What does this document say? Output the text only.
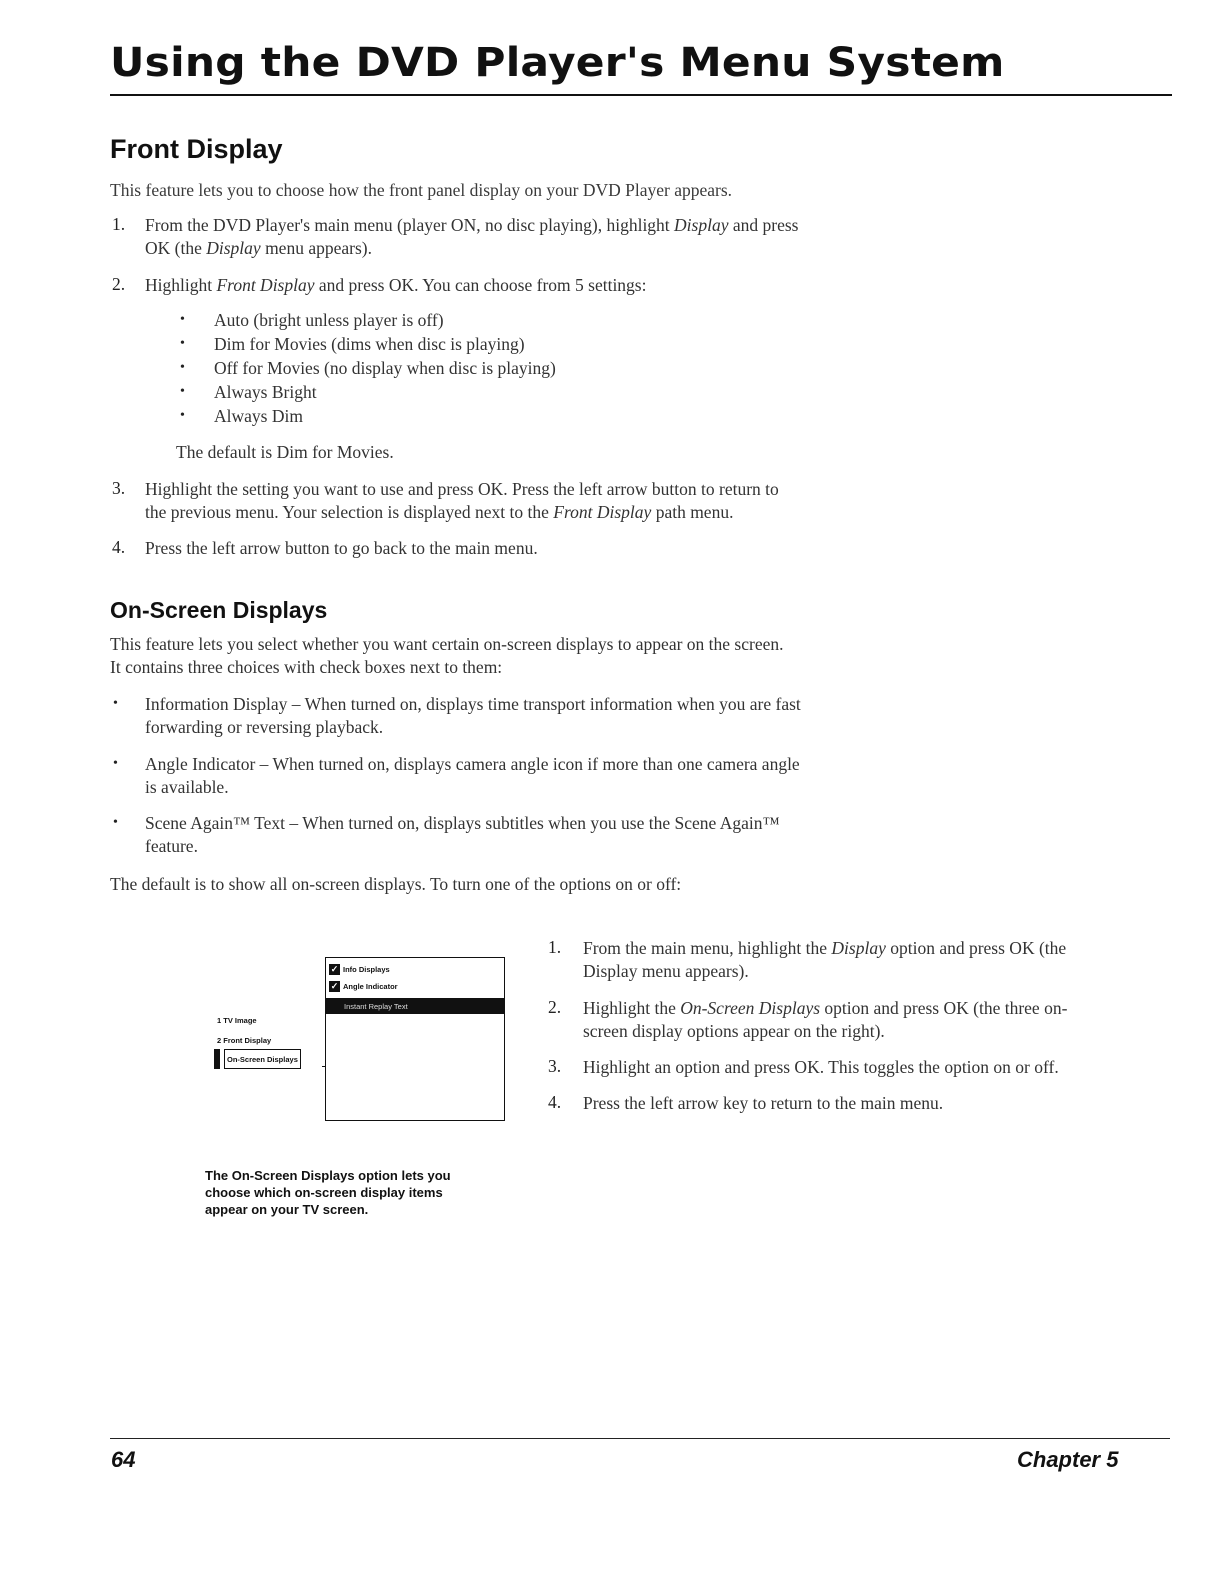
Using the DVD Player's Menu System
Front Display

This feature lets you to choose how the front panel display on your DVD Player appears.

1. From the DVD Player's main menu (player ON, no disc playing), highlight Display and press
OK (the Display menu appears).
2. Highlight Front Display and press OK. You can choose from 5 settings:
• Auto (bright unless player is off)
• Dim for Movies (dims when disc is playing)
• Off for Movies (no display when disc is playing)
• Always Bright
• Always Dim
The default is Dim for Movies.
3. Highlight the setting you want to use and press OK. Press the left arrow button to return to
the previous menu. Your selection is displayed next to the Front Display path menu.
4. Press the left arrow button to go back to the main menu.
On-Screen Displays
This feature lets you select whether you want certain on-screen displays to appear on the screen.
It contains three choices with check boxes next to them:
• Information Display – When turned on, displays time transport information when you are fast
forwarding or reversing playback.
• Angle Indicator – When turned on, displays camera angle icon if more than one camera angle
is available.
• Scene Again™ Text – When turned on, displays subtitles when you use the Scene Again™
feature.
The default is to show all on-screen displays. To turn one of the options on or off:
1 TV Image
2 Front Display
On-Screen Displays
✓ Info Displays
✓ Angle Indicator
Instant Replay Text

The On-Screen Displays option lets you

choose which on-screen display items

appear on your TV screen.

1. From the main menu, highlight the Display option and press OK (the
Display menu appears).
2. Highlight the On-Screen Displays option and press OK (the three on-
screen display options appear on the right).
3. Highlight an option and press OK. This toggles the option on or off.
4. Press the left arrow key to return to the main menu.
64	Chapter 5
